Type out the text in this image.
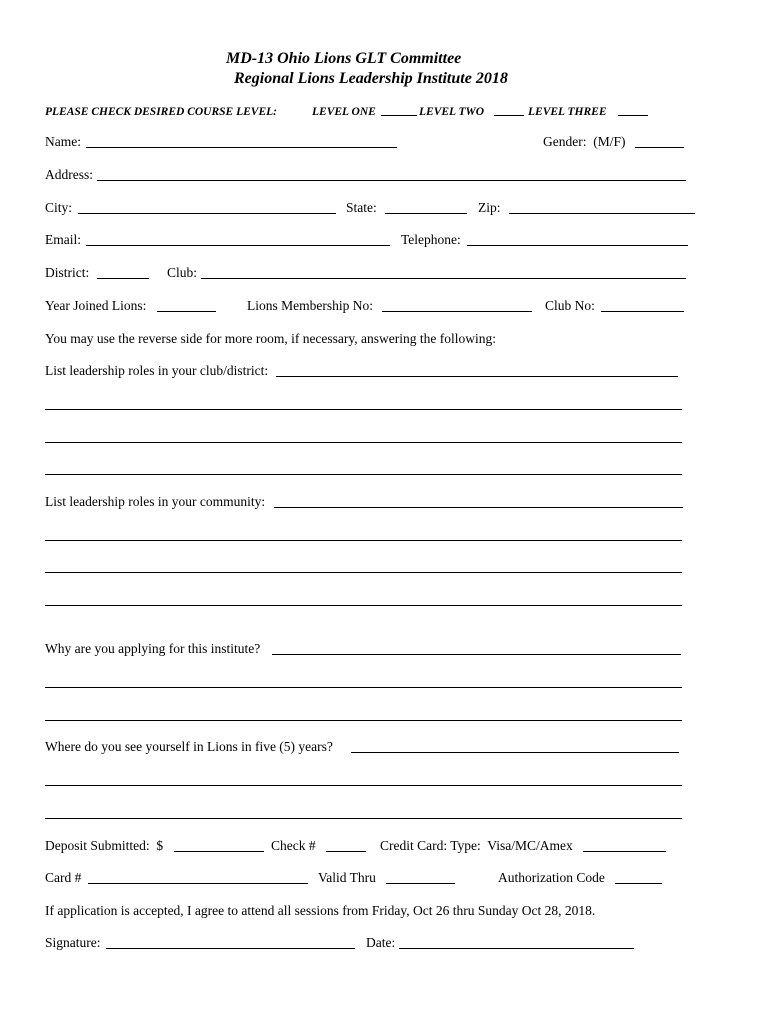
MD-13 Ohio Lions GLT Committee
Regional Lions Leadership Institute 2018
PLEASE CHECK DESIRED COURSE LEVEL:	LEVEL ONE	LEVEL TWO	LEVEL THREE
Name:	Gender:  (M/F)
Address:
City:	State:	Zip:
Email:	Telephone:
District:	Club:
Year Joined Lions:	Lions Membership No:	Club No:
You may use the reverse side for more room, if necessary, answering the following:
List leadership roles in your club/district:
List leadership roles in your community:
Why are you applying for this institute?
Where do you see yourself in Lions in five (5) years?
Deposit Submitted:  $	Check #	Credit Card: Type:  Visa/MC/Amex
Card #	Valid Thru	Authorization Code
If application is accepted, I agree to attend all sessions from Friday, Oct 26 thru Sunday Oct 28, 2018.
Signature:	Date:
